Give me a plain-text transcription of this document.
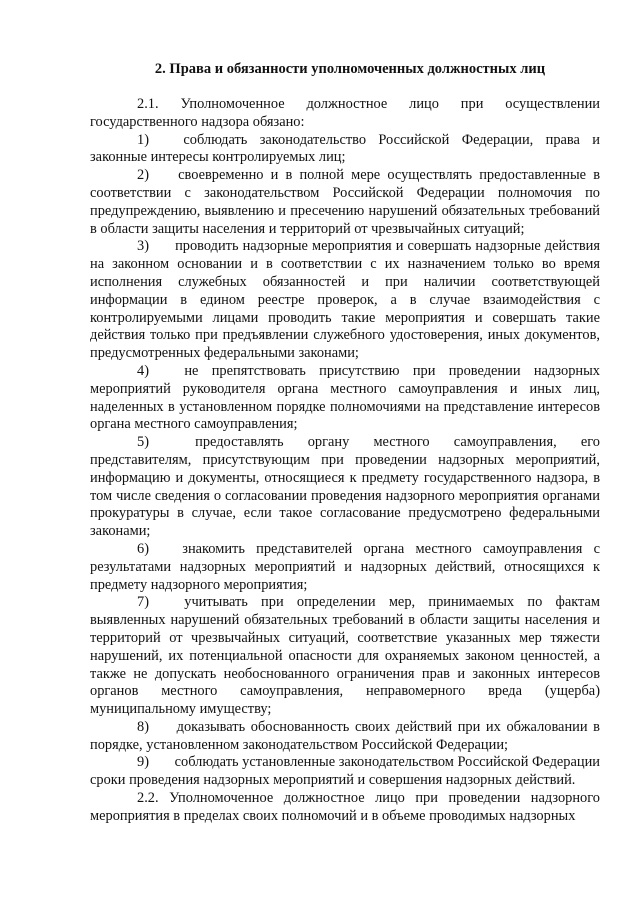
2. Права и обязанности уполномоченных должностных лиц

2.1. Уполномоченное должностное лицо при осуществлении государственного надзора обязано:

1) соблюдать законодательство Российской Федерации, права и законные интересы контролируемых лиц;

2) своевременно и в полной мере осуществлять предоставленные в соответствии с законодательством Российской Федерации полномочия по предупреждению, выявлению и пресечению нарушений обязательных требований в области защиты населения и территорий от чрезвычайных ситуаций;

3) проводить надзорные мероприятия и совершать надзорные действия на законном основании и в соответствии с их назначением только во время исполнения служебных обязанностей и при наличии соответствующей информации в едином реестре проверок, а в случае взаимодействия с контролируемыми лицами проводить такие мероприятия и совершать такие действия только при предъявлении служебного удостоверения, иных документов, предусмотренных федеральными законами;

4) не препятствовать присутствию при проведении надзорных мероприятий руководителя органа местного самоуправления и иных лиц, наделенных в установленном порядке полномочиями на представление интересов органа местного самоуправления;

5)	предоставлять органу местного самоуправления, его представителям, присутствующим при проведении надзорных мероприятий, информацию и документы, относящиеся к предмету государственного надзора, в том числе сведения о согласовании проведения надзорного мероприятия органами прокуратуры в случае, если такое согласование предусмотрено федеральными законами;

6) знакомить представителей органа местного самоуправления с результатами надзорных мероприятий и надзорных действий, относящихся к предмету надзорного мероприятия;

7) учитывать при определении мер, принимаемых по фактам выявленных нарушений обязательных требований в области защиты населения и территорий от чрезвычайных ситуаций, соответствие указанных мер тяжести нарушений, их потенциальной опасности для охраняемых законом ценностей, а также не допускать необоснованного ограничения прав и законных интересов органов местного самоуправления, неправомерного вреда (ущерба) муниципальному имуществу;

8) доказывать обоснованность своих действий при их обжаловании в порядке, установленном законодательством Российской Федерации;

9) соблюдать установленные законодательством Российской Федерации сроки проведения надзорных мероприятий и совершения надзорных действий.

2.2. Уполномоченное должностное лицо при проведении надзорного мероприятия в пределах своих полномочий и в объеме проводимых надзорных
